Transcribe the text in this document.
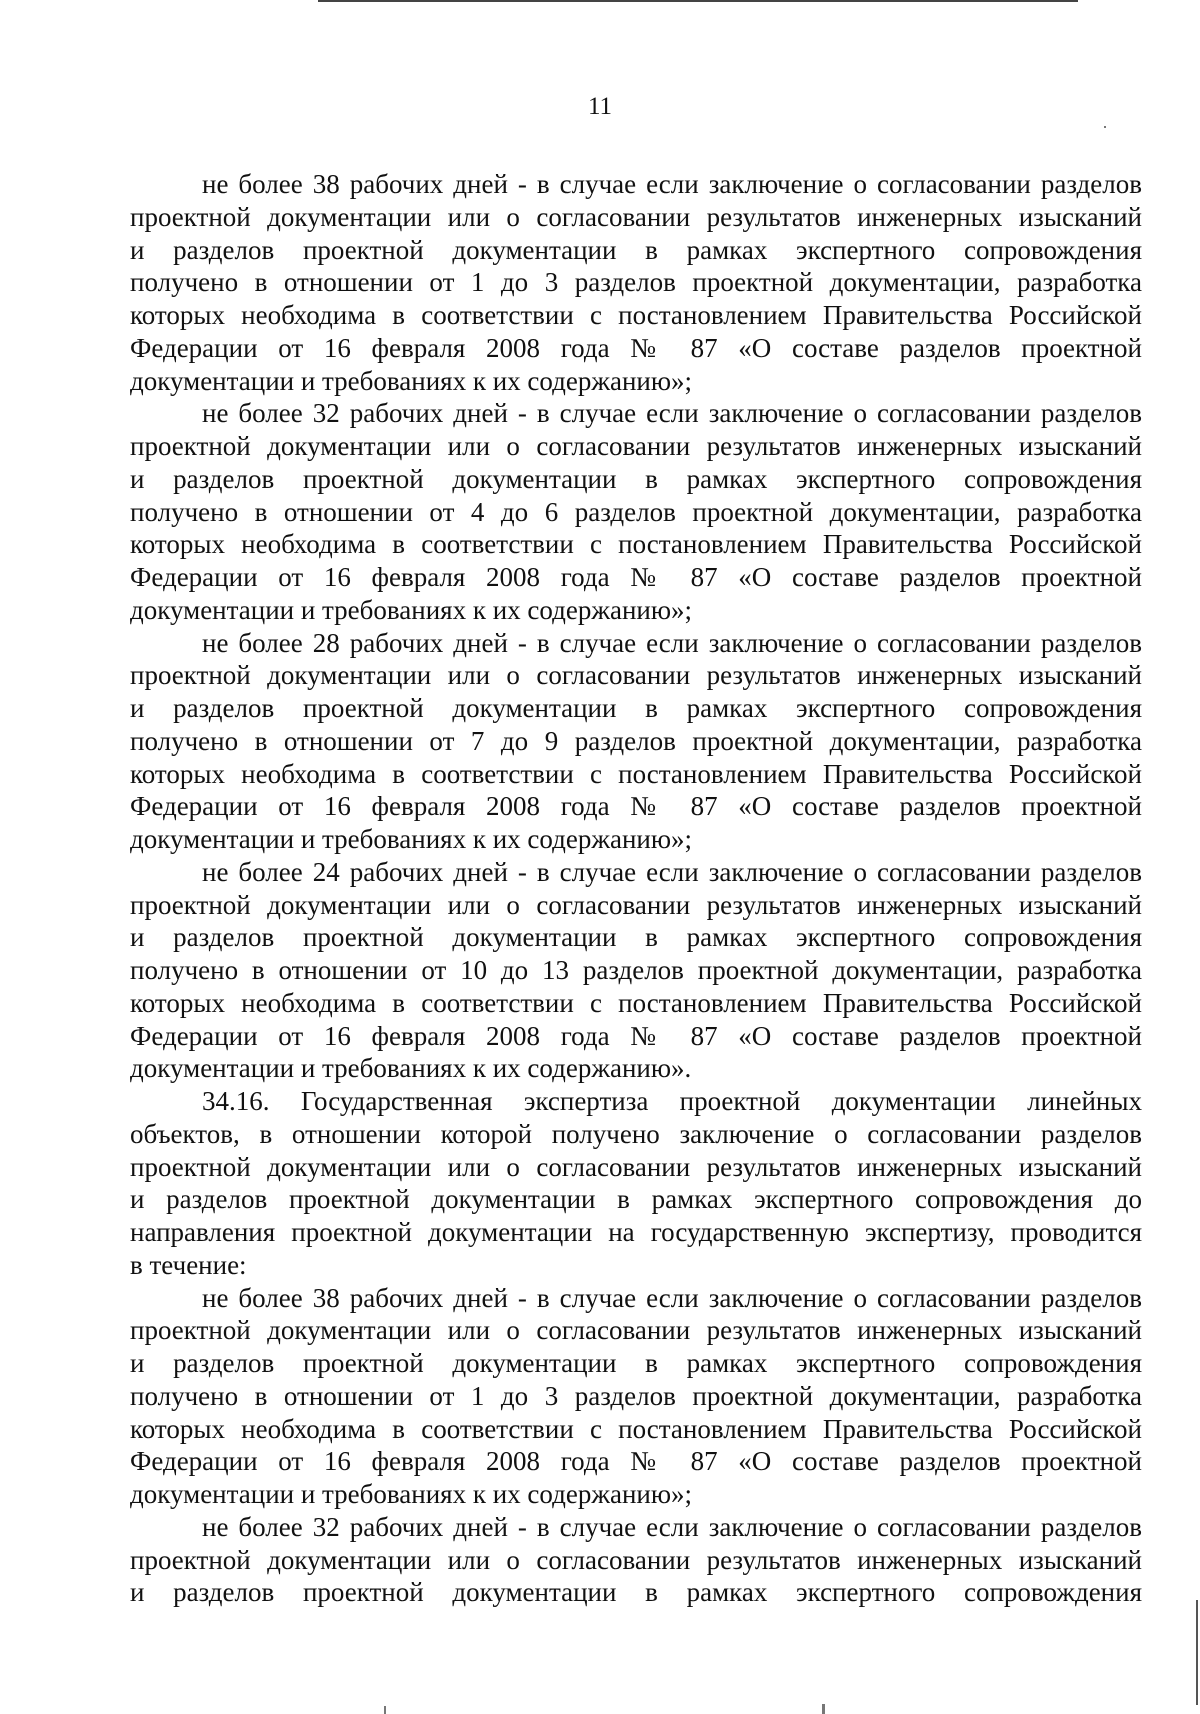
11
не более 38 рабочих дней - в случае если заключение о согласовании разделов
проектной документации или о согласовании результатов инженерных изысканий
и разделов проектной документации в рамках экспертного сопровождения
получено в отношении от 1 до 3 разделов проектной документации, разработка
которых необходима в соответствии с постановлением Правительства Российской
Федерации от 16 февраля 2008 года № 87 «О составе разделов проектной
документации и требованиях к их содержанию»;
не более 32 рабочих дней - в случае если заключение о согласовании разделов
проектной документации или о согласовании результатов инженерных изысканий
и разделов проектной документации в рамках экспертного сопровождения
получено в отношении от 4 до 6 разделов проектной документации, разработка
которых необходима в соответствии с постановлением Правительства Российской
Федерации от 16 февраля 2008 года № 87 «О составе разделов проектной
документации и требованиях к их содержанию»;
не более 28 рабочих дней - в случае если заключение о согласовании разделов
проектной документации или о согласовании результатов инженерных изысканий
и разделов проектной документации в рамках экспертного сопровождения
получено в отношении от 7 до 9 разделов проектной документации, разработка
которых необходима в соответствии с постановлением Правительства Российской
Федерации от 16 февраля 2008 года № 87 «О составе разделов проектной
документации и требованиях к их содержанию»;
не более 24 рабочих дней - в случае если заключение о согласовании разделов
проектной документации или о согласовании результатов инженерных изысканий
и разделов проектной документации в рамках экспертного сопровождения
получено в отношении от 10 до 13 разделов проектной документации, разработка
которых необходима в соответствии с постановлением Правительства Российской
Федерации от 16 февраля 2008 года № 87 «О составе разделов проектной
документации и требованиях к их содержанию».
34.16. Государственная экспертиза проектной документации линейных
объектов, в отношении которой получено заключение о согласовании разделов
проектной документации или о согласовании результатов инженерных изысканий
и разделов проектной документации в рамках экспертного сопровождения до
направления проектной документации на государственную экспертизу, проводится
в течение:
не более 38 рабочих дней - в случае если заключение о согласовании разделов
проектной документации или о согласовании результатов инженерных изысканий
и разделов проектной документации в рамках экспертного сопровождения
получено в отношении от 1 до 3 разделов проектной документации, разработка
которых необходима в соответствии с постановлением Правительства Российской
Федерации от 16 февраля 2008 года № 87 «О составе разделов проектной
документации и требованиях к их содержанию»;
не более 32 рабочих дней - в случае если заключение о согласовании разделов
проектной документации или о согласовании результатов инженерных изысканий
и разделов проектной документации в рамках экспертного сопровождения
